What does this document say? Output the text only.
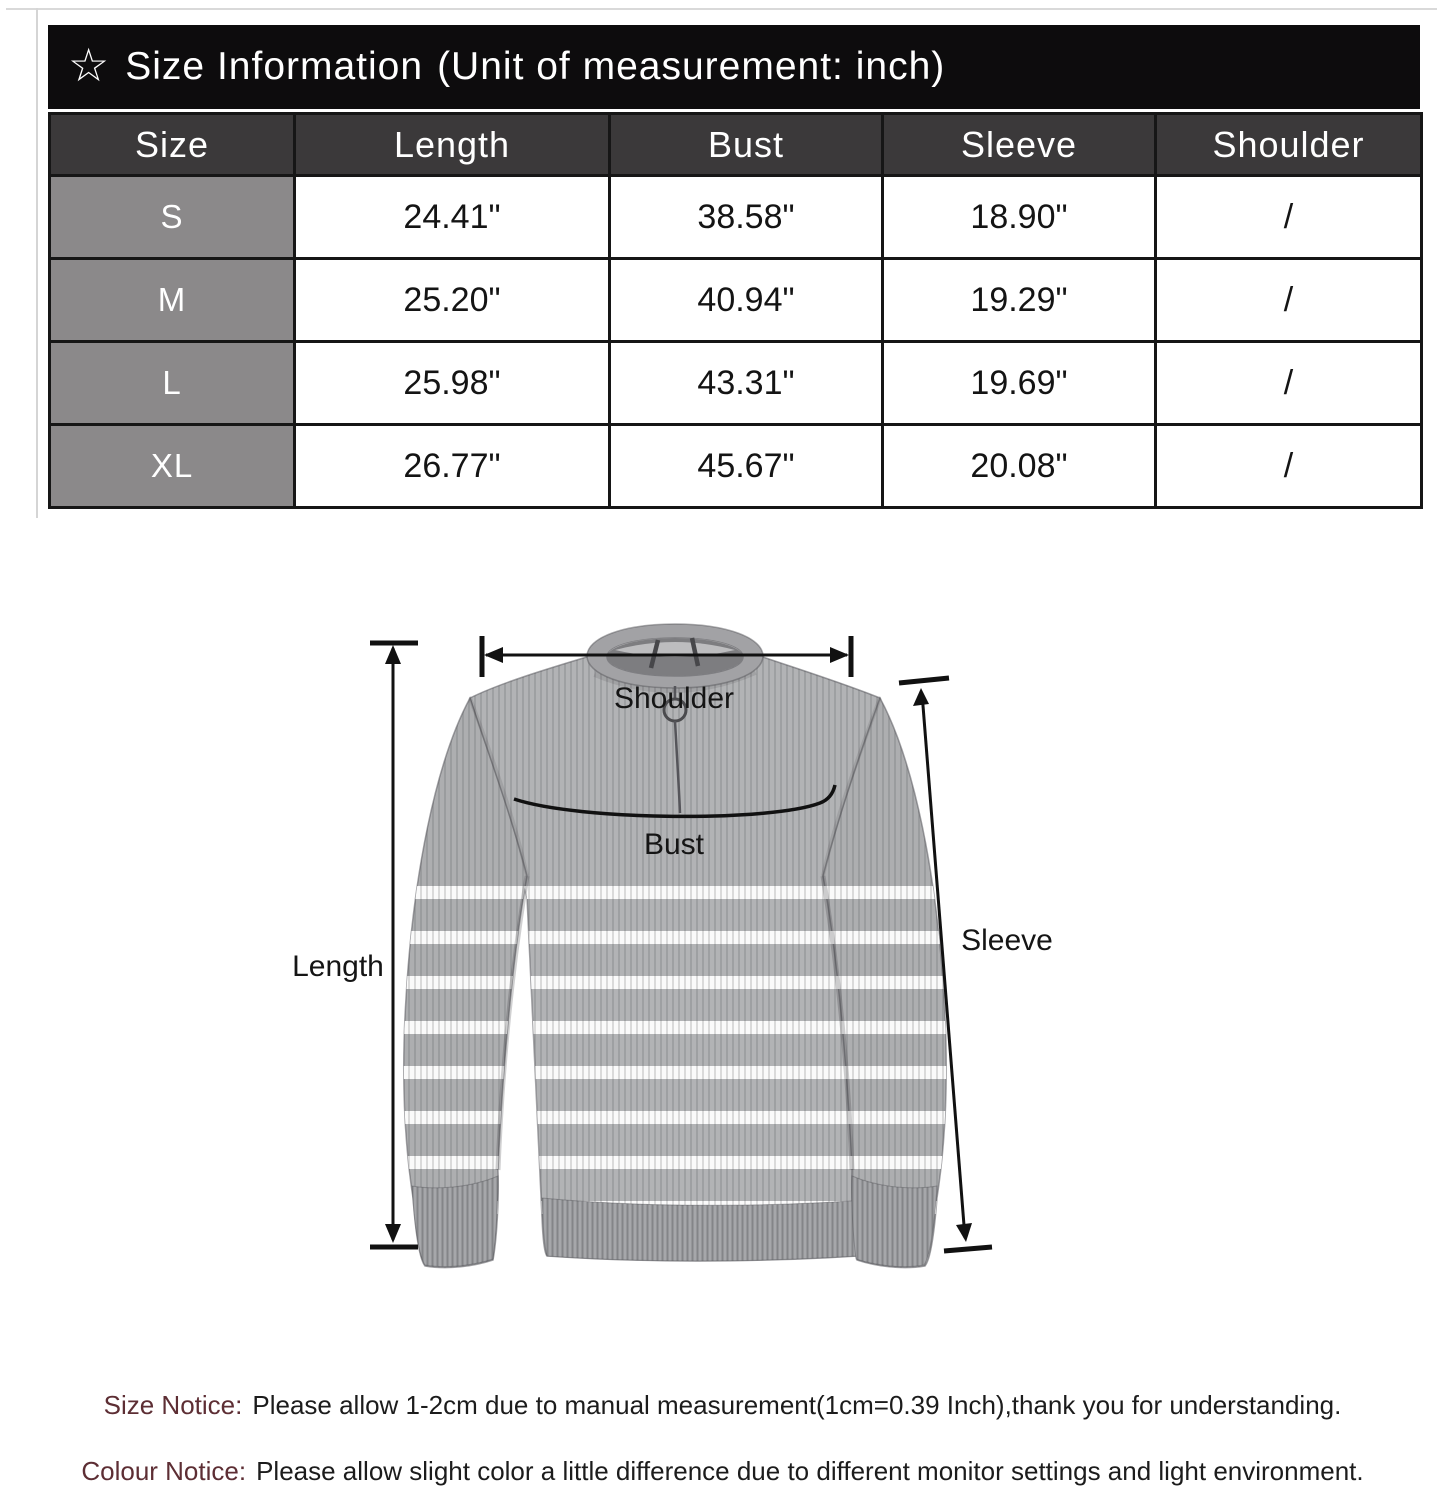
☆ Size Information (Unit of measurement: inch)
Size	Length	Bust	Sleeve	Shoulder
S	24.41"	38.58"	18.90"	/
M	25.20"	40.94"	19.29"	/
L	25.98"	43.31"	19.69"	/
XL	26.77"	45.67"	20.08"	/
Length
Shoulder
Bust
Sleeve
Size Notice: Please allow 1-2cm due to manual measurement(1cm=0.39 Inch),thank you for understanding.
Colour Notice: Please allow slight color a little difference due to different monitor settings and light environment.
